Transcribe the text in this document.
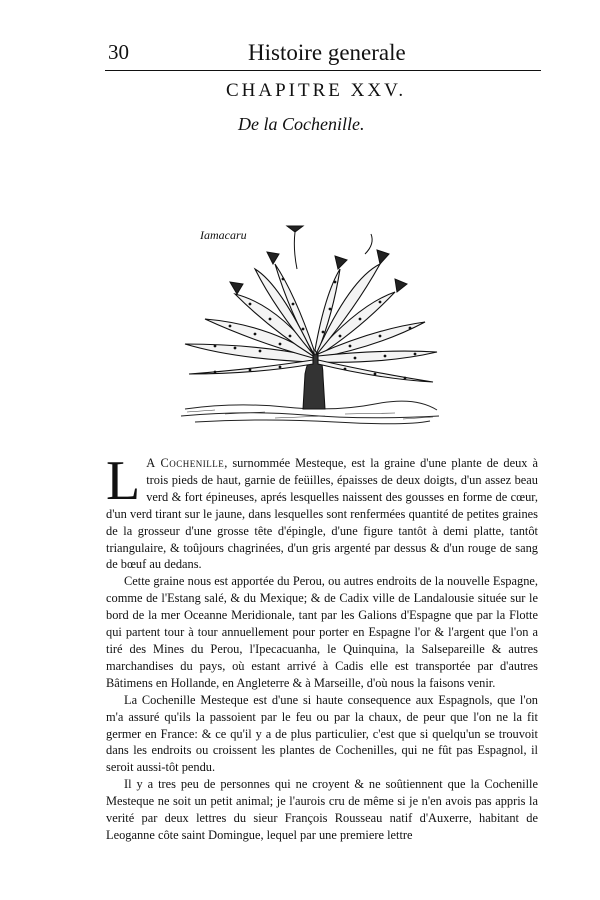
30	Histoire generale
CHAPITRE XXV.
De la Cochenille.
Iamacaru

L A Cochenille, surnommée Mesteque, est la graine d'une plante de deux à trois pieds de haut, garnie de feüilles, épaisses de deux doigts, d'un assez beau verd & fort épineuses, aprés lesquelles naissent des gousses en forme de cœur, d'un verd tirant sur le jaune, dans lesquelles sont renfermées quantité de petites graines de la grosseur d'une grosse tête d'épingle, d'une figure tantôt à demi platte, tantôt triangulaire, & toûjours chagrinées, d'un gris argenté par dessus & d'un rouge de sang de bœuf au dedans.

Cette graine nous est apportée du Perou, ou autres endroits de la nouvelle Espagne, comme de l'Estang salé, & du Mexique; & de Cadix ville de Landalousie située sur le bord de la mer Oceanne Meridionale, tant par les Galions d'Espagne que par la Flotte qui partent tour à tour annuellement pour porter en Espagne l'or & l'argent que l'on a tiré des Mines du Perou, l'Ipecacuanha, le Quinquina, la Salsepareille & autres marchandises du pays, où estant arrivé à Cadis elle est transportée par d'autres Bâtimens en Hollande, en Angleterre & à Marseille, d'où nous la faisons venir.

La Cochenille Mesteque est d'une si haute consequence aux Espagnols, que l'on m'a assuré qu'ils la passoient par le feu ou par la chaux, de peur que l'on ne la fit germer en France: & ce qu'il y a de plus particulier, c'est que si quelqu'un se trouvoit dans les endroits ou croissent les plantes de Cochenilles, qui ne fût pas Espagnol, il seroit aussi-tôt pendu.

Il y a tres peu de personnes qui ne croyent & ne soûtiennent que la Cochenille Mesteque ne soit un petit animal; je l'aurois cru de même si je n'en avois pas appris la verité par deux lettres du sieur François Rousseau natif d'Auxerre, habitant de Leoganne côte saint Domingue, lequel par une premiere lettre
